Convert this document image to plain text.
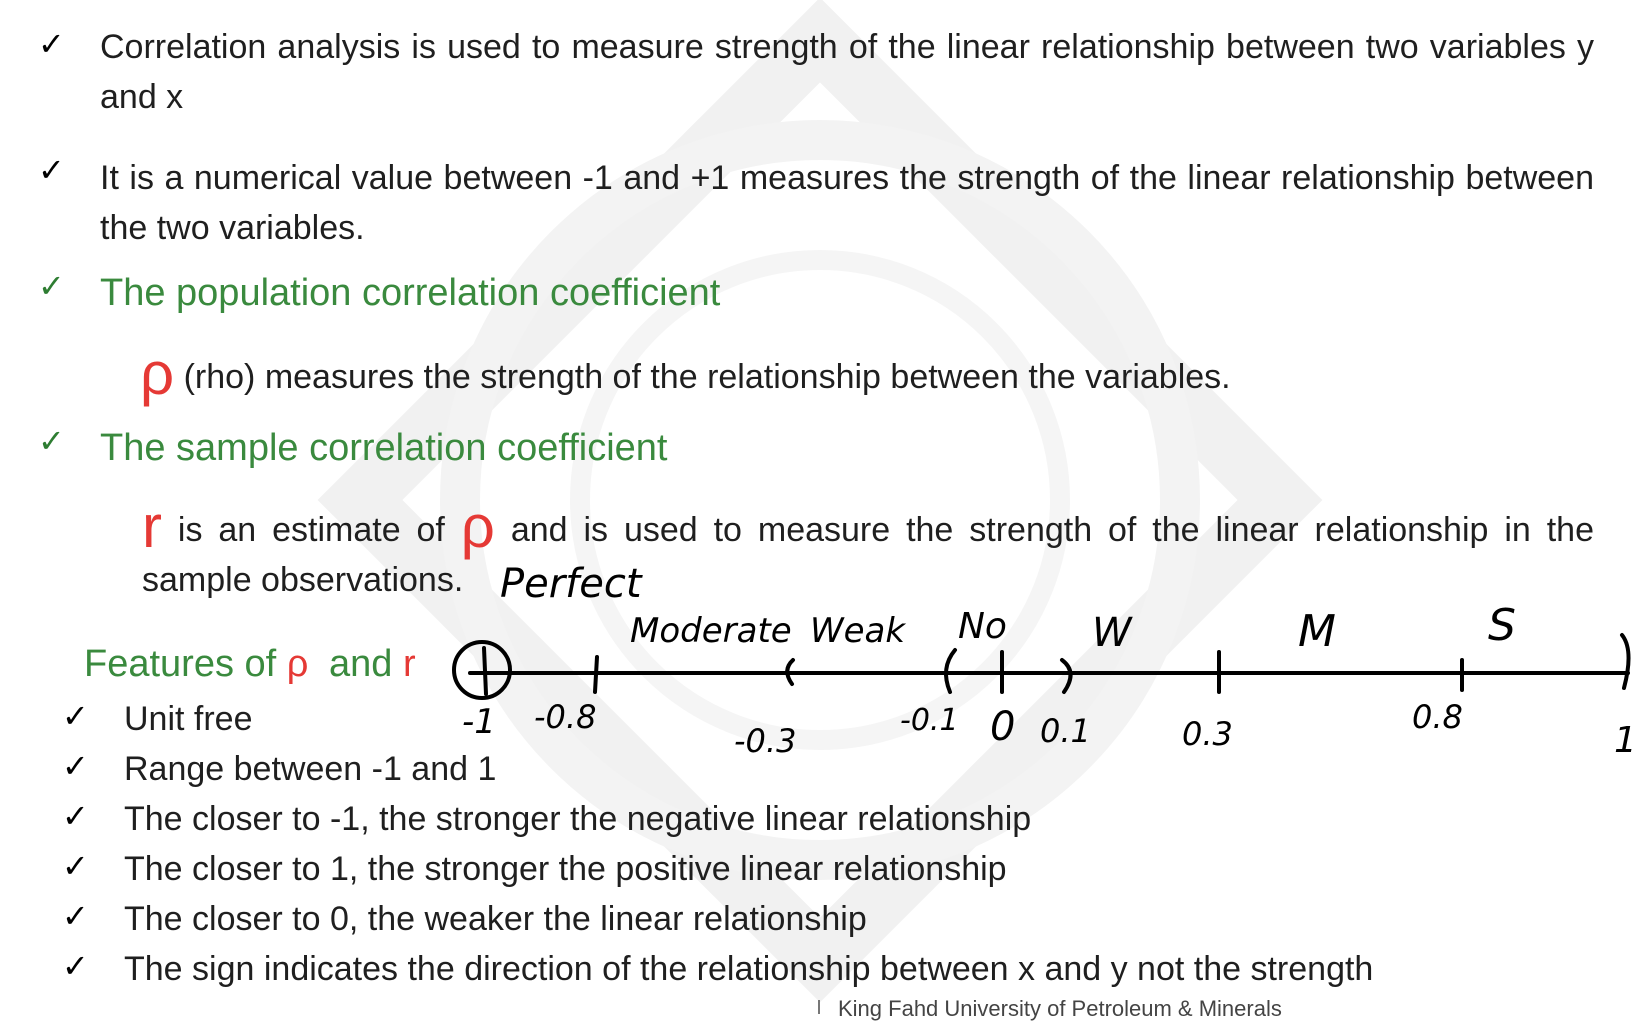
✓ Correlation analysis is used to measure strength of the linear relationship between two variables y and x
✓ It is a numerical value between -1 and +1 measures the strength of the linear relationship between the two variables.
✓ The population correlation coefficient
ρ (rho) measures the strength of the relationship between the variables.
✓ The sample correlation coefficient
r is an estimate of ρ and is used to measure the strength of the linear relationship in the sample observations.
Features of ρ and r
✓ Unit free
✓ Range between -1 and 1
✓ The closer to -1, the stronger the negative linear relationship
✓ The closer to 1, the stronger the positive linear relationship
✓ The closer to 0, the weaker the linear relationship
✓ The sign indicates the direction of the relationship between x and y not the strength
Perfect
Moderate Weak No W	M	S
-1 -0.8
-0.3
-0.1 0 0.1	0.3	0.8
1
King Fahd University of Petroleum & Minerals
